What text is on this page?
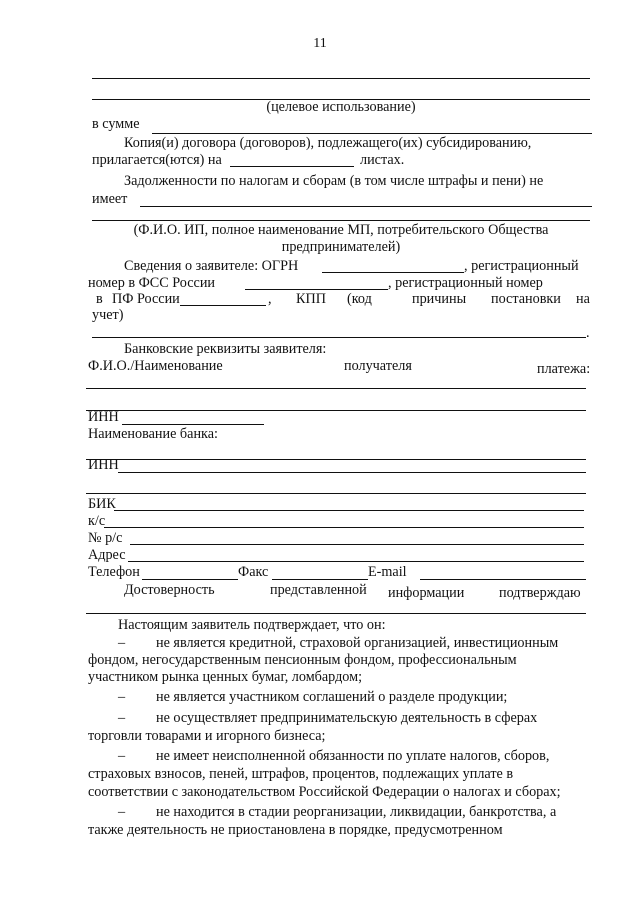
11
(целевое использование)
в сумме
Копия(и) договора (договоров), подлежащего(их) субсидированию,
прилагается(ются) на	листах.
Задолженности по налогам и сборам (в том числе штрафы и пени) не
имеет
(Ф.И.О. ИП, полное наименование МП, потребительского Общества
предпринимателей)
Сведения о заявителе: ОГРН	, регистрационный
номер в ФСС России	, регистрационный номер
в ПФ России	, КПП (код	причины постановки на
учет)
.
Банковские реквизиты заявителя:
Ф.И.О./Наименование	получателя	платежа:
ИНН
Наименование банка:
ИНН
БИК
к/с
№ р/с
Адрес
Телефон	Факс	E-mail
Достоверность	представленной информации подтверждаю
Настоящим заявитель подтверждает, что он:
– не является кредитной, страховой организацией, инвестиционным
фондом, негосударственным пенсионным фондом, профессиональным
участником рынка ценных бумаг, ломбардом;
– не является участником соглашений о разделе продукции;
– не осуществляет предпринимательскую деятельность в сферах
торговли товарами и игорного бизнеса;
– не имеет неисполненной обязанности по уплате налогов, сборов,
страховых взносов, пеней, штрафов, процентов, подлежащих уплате в
соответствии с законодательством Российской Федерации о налогах и сборах;
– не находится в стадии реорганизации, ликвидации, банкротства, а
также деятельность не приостановлена в порядке, предусмотренном
